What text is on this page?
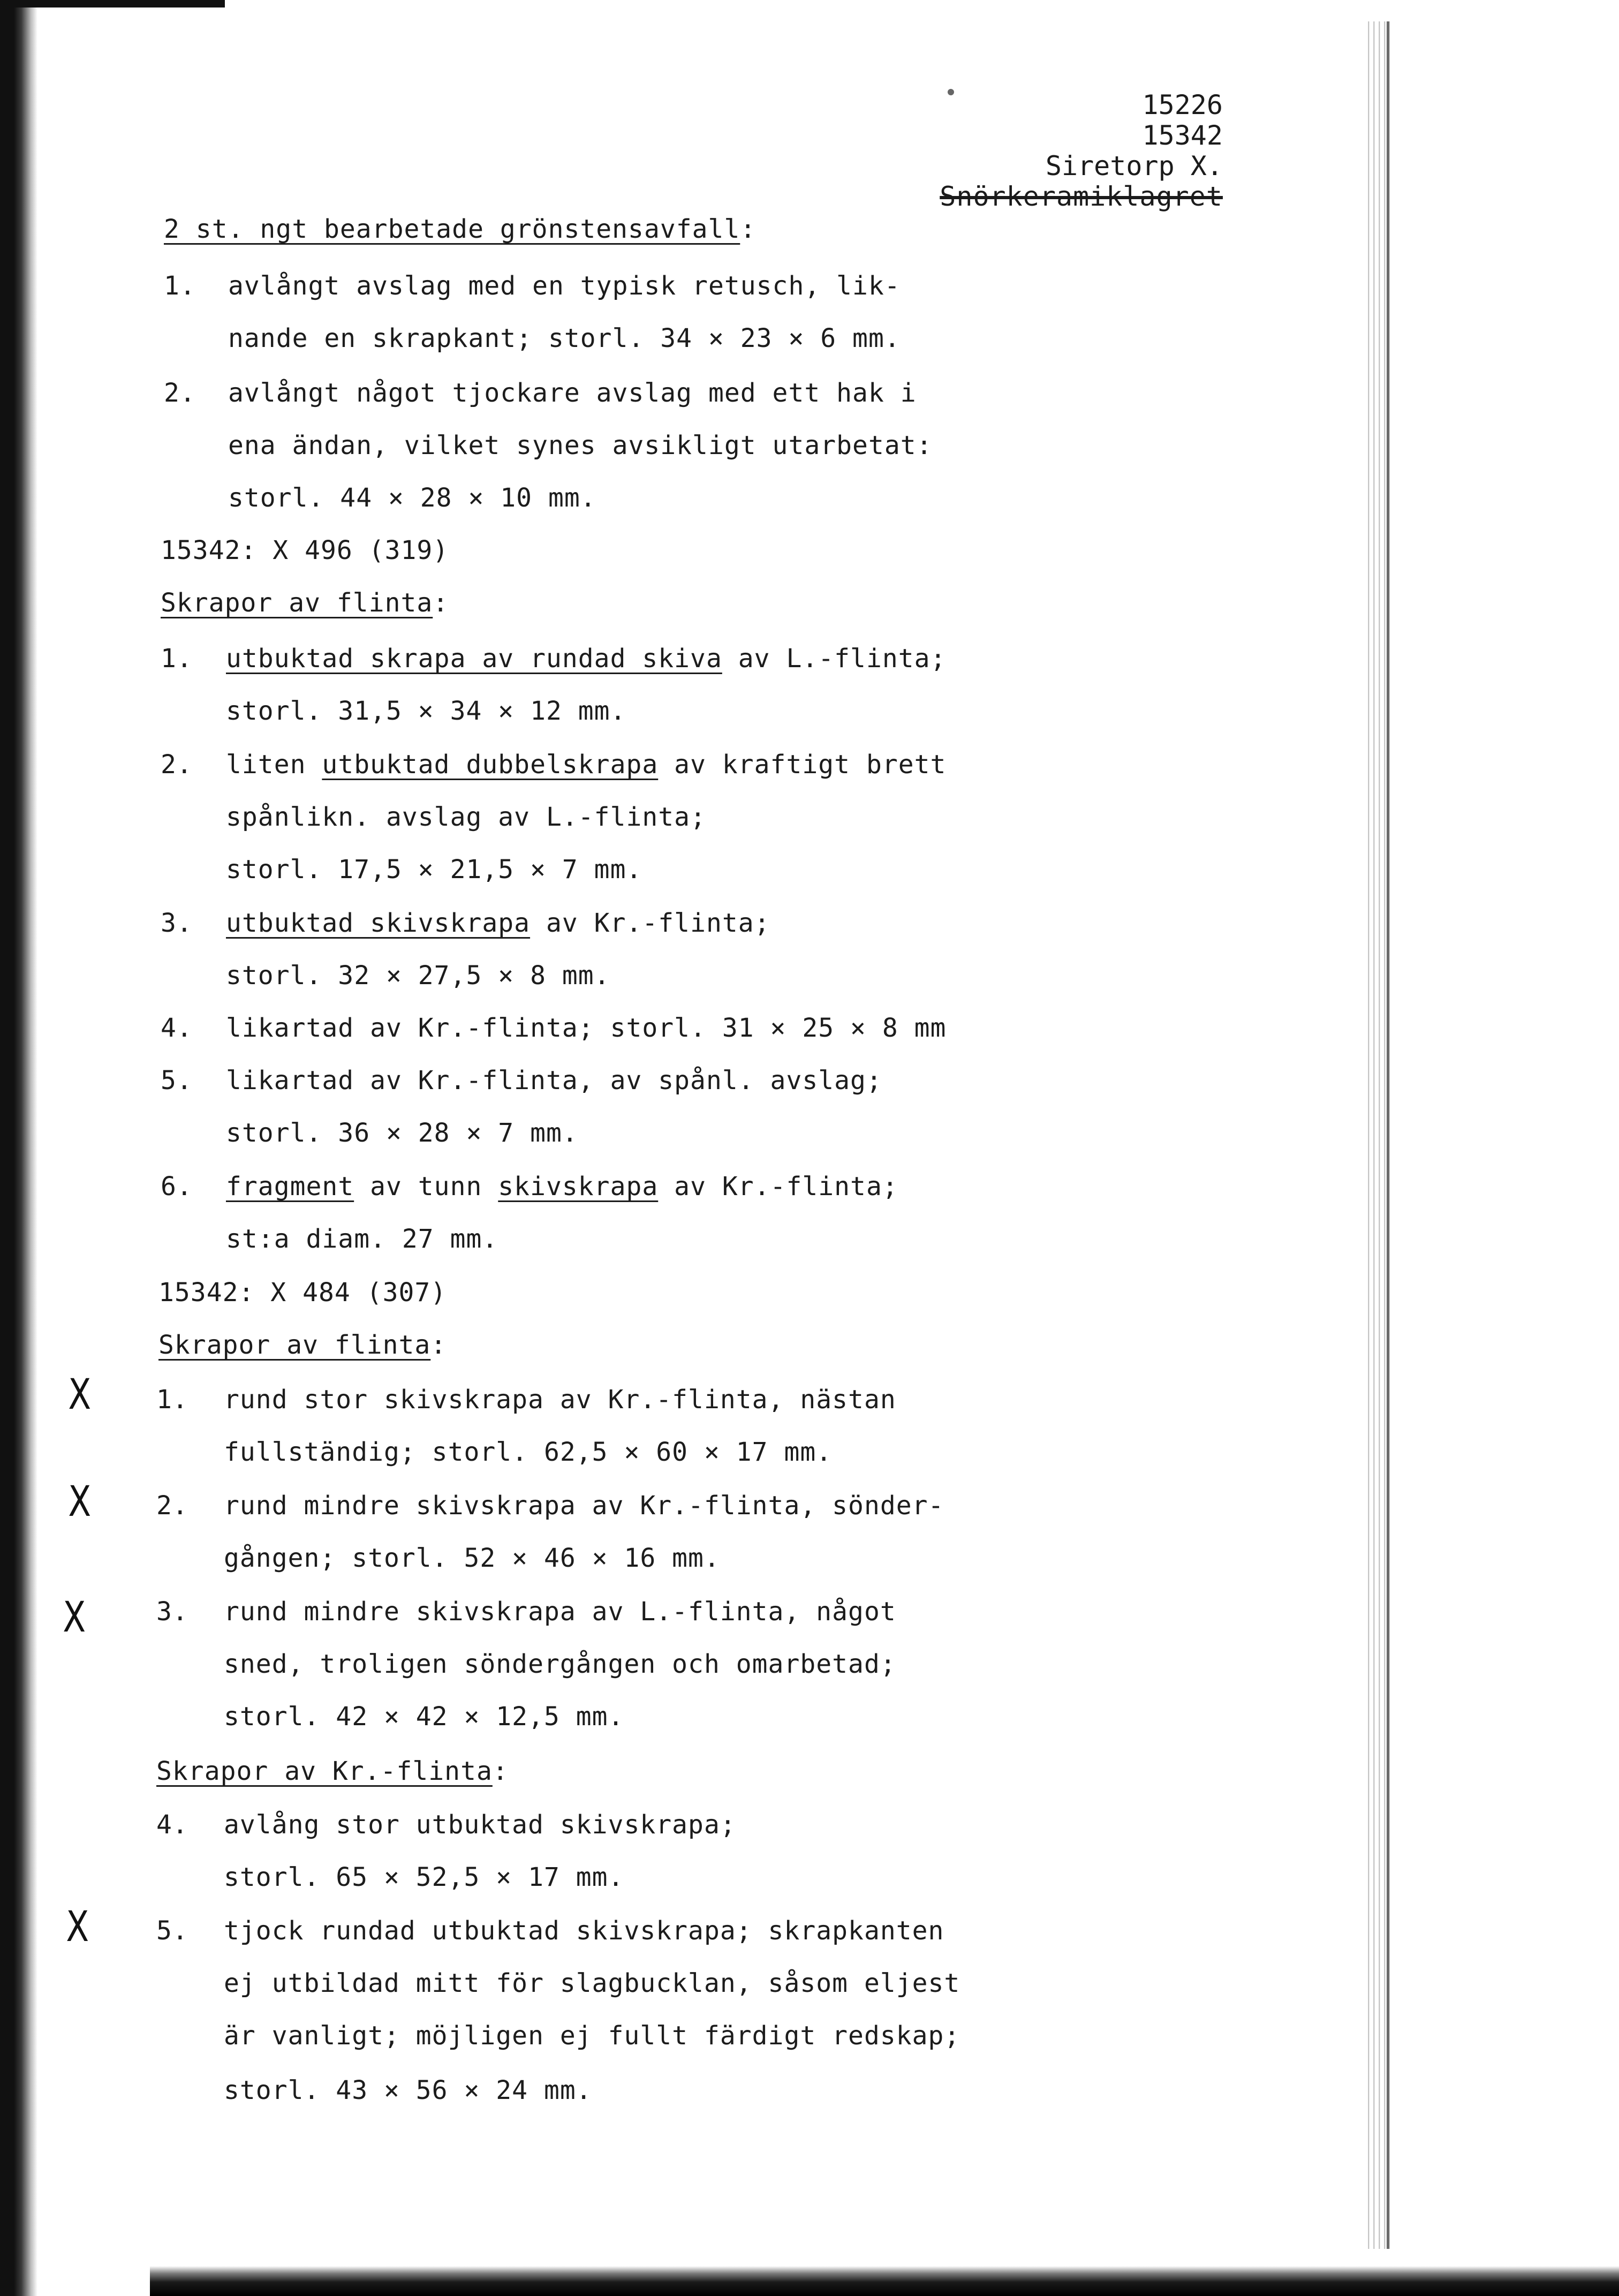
15226
15342
Siretorp X.
Snörkeramiklagret
2 st. ngt bearbetade grönstensavfall:
1. avlångt avslag med en typisk retusch, lik-
nande en skrapkant; storl. 34 × 23 × 6 mm.
2. avlångt något tjockare avslag med ett hak i
ena ändan, vilket synes avsikligt utarbetat:
storl. 44 × 28 × 10 mm.
15342: X 496 (319)
Skrapor av flinta:
1. utbuktad skrapa av rundad skiva av L.-flinta;
storl. 31,5 × 34 × 12 mm.
2. liten utbuktad dubbelskrapa av kraftigt brett
spånlikn. avslag av L.-flinta;
storl. 17,5 × 21,5 × 7 mm.
3. utbuktad skivskrapa av Kr.-flinta;
storl. 32 × 27,5 × 8 mm.
4. likartad av Kr.-flinta; storl. 31 × 25 × 8 mm
5. likartad av Kr.-flinta, av spånl. avslag;
storl. 36 × 28 × 7 mm.
6. fragment av tunn skivskrapa av Kr.-flinta;
st:a diam. 27 mm.
15342: X 484 (307)
Skrapor av flinta:
1. rund stor skivskrapa av Kr.-flinta, nästan
fullständig; storl. 62,5 × 60 × 17 mm.
2. rund mindre skivskrapa av Kr.-flinta, sönder-
gången; storl. 52 × 46 × 16 mm.
3. rund mindre skivskrapa av L.-flinta, något
sned, troligen söndergången och omarbetad;
storl. 42 × 42 × 12,5 mm.
Skrapor av Kr.-flinta:
4. avlång stor utbuktad skivskrapa;
storl. 65 × 52,5 × 17 mm.
5. tjock rundad utbuktad skivskrapa; skrapkanten
ej utbildad mitt för slagbucklan, såsom eljest
är vanligt; möjligen ej fullt färdigt redskap;
storl. 43 × 56 × 24 mm.
X
X
X
X
